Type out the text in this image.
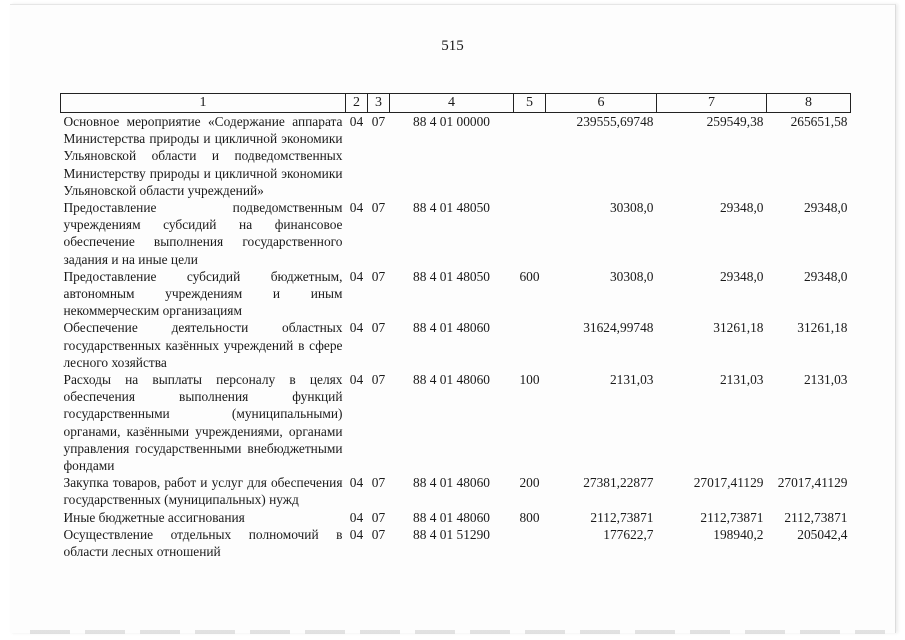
515
1	2	3	4	5	6	7	8
Основное мероприятие «Содержание аппарата Министерства природы и цикличной экономики Ульяновской области и подведомственных Министерству природы и цикличной экономики Ульяновской области учреждений»	04	07	88 4 01 00000		239555,69748	259549,38	265651,58
Предоставление подведомственным учреждениям субсидий на финансовое обеспечение выполнения государственного задания и на иные цели	04	07	88 4 01 48050		30308,0	29348,0	29348,0
Предоставление субсидий бюджетным, автономным учреждениям и иным некоммерческим организациям	04	07	88 4 01 48050	600	30308,0	29348,0	29348,0
Обеспечение деятельности областных государственных казённых учреждений в сфере лесного хозяйства	04	07	88 4 01 48060		31624,99748	31261,18	31261,18
Расходы на выплаты персоналу в целях обеспечения выполнения функций государственными (муниципальными) органами, казёнными учреждениями, органами управления государственными внебюджетными фондами	04	07	88 4 01 48060	100	2131,03	2131,03	2131,03
Закупка товаров, работ и услуг для обеспечения государственных (муниципальных) нужд	04	07	88 4 01 48060	200	27381,22877	27017,41129	27017,41129
Иные бюджетные ассигнования	04	07	88 4 01 48060	800	2112,73871	2112,73871	2112,73871
Осуществление отдельных полномочий в области лесных отношений	04	07	88 4 01 51290		177622,7	198940,2	205042,4
